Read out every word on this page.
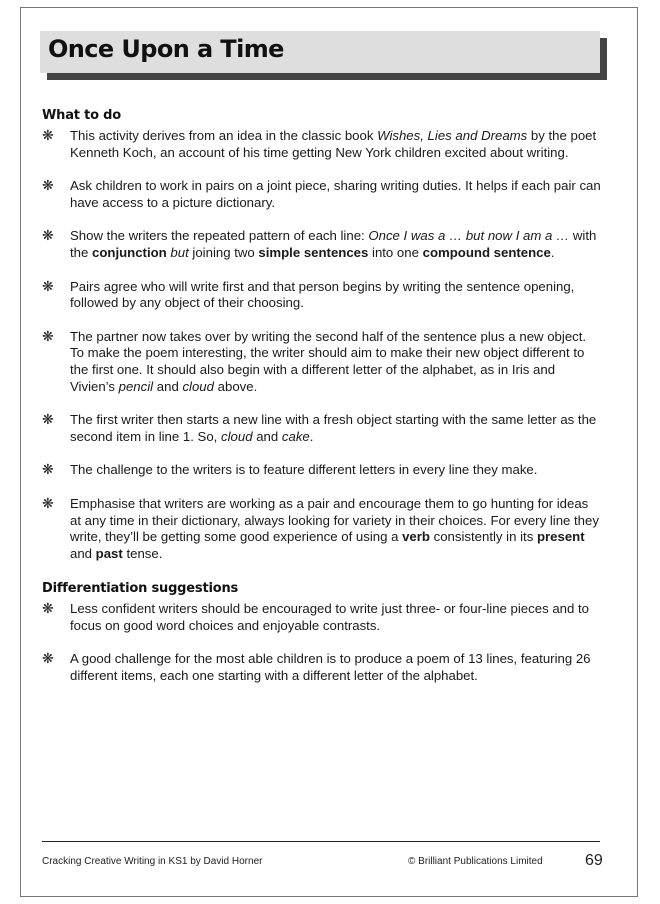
Once Upon a Time
What to do
❋ This activity derives from an idea in the classic book Wishes, Lies and Dreams by the poet Kenneth Koch, an account of his time getting New York children excited about writing.
❋ Ask children to work in pairs on a joint piece, sharing writing duties. It helps if each pair can have access to a picture dictionary.
❋ Show the writers the repeated pattern of each line: Once I was a … but now I am a … with the conjunction but joining two simple sentences into one compound sentence.
❋ Pairs agree who will write first and that person begins by writing the sentence opening, followed by any object of their choosing.
❋ The partner now takes over by writing the second half of the sentence plus a new object. To make the poem interesting, the writer should aim to make their new object different to the first one. It should also begin with a different letter of the alphabet, as in Iris and Vivien’s pencil and cloud above.
❋ The first writer then starts a new line with a fresh object starting with the same letter as the second item in line 1. So, cloud and cake.
❋ The challenge to the writers is to feature different letters in every line they make.
❋ Emphasise that writers are working as a pair and encourage them to go hunting for ideas at any time in their dictionary, always looking for variety in their choices. For every line they write, they’ll be getting some good experience of using a verb consistently in its present and past tense.
Differentiation suggestions
❋ Less confident writers should be encouraged to write just three- or four-line pieces and to focus on good word choices and enjoyable contrasts.
❋ A good challenge for the most able children is to produce a poem of 13 lines, featuring 26 different items, each one starting with a different letter of the alphabet.
Cracking Creative Writing in KS1 by David Horner	© Brilliant Publications Limited	69
